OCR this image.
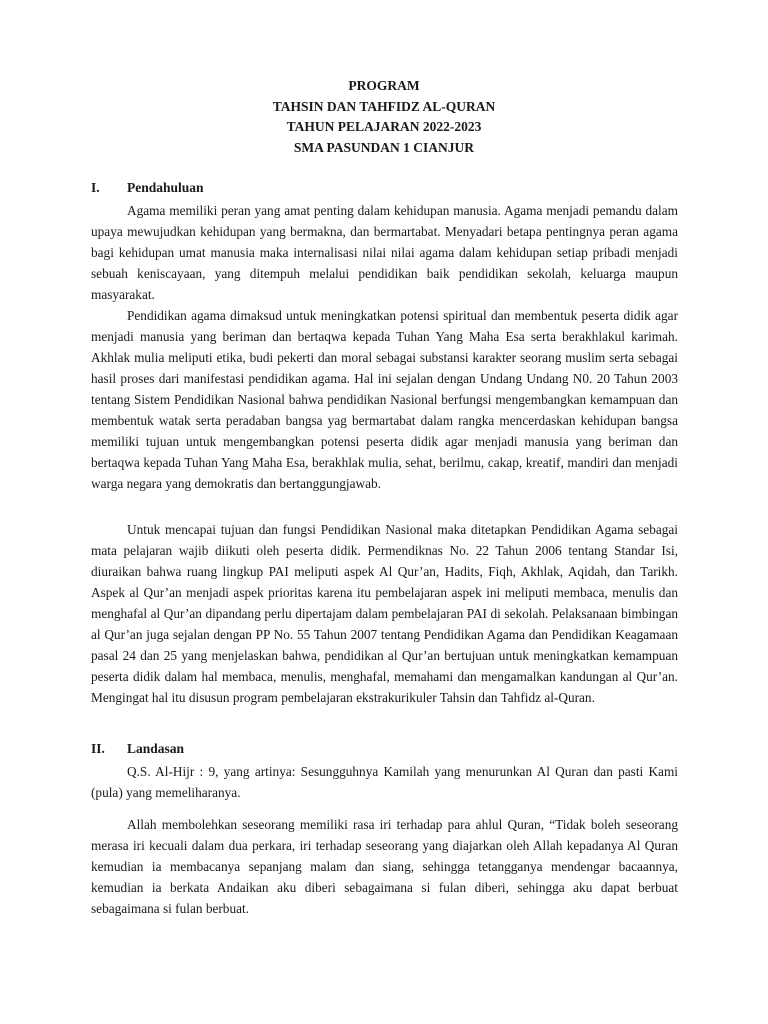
PROGRAM
TAHSIN DAN TAHFIDZ AL-QURAN
TAHUN PELAJARAN 2022-2023
SMA PASUNDAN 1 CIANJUR
I. Pendahuluan

Agama memiliki peran yang amat penting dalam kehidupan manusia. Agama menjadi pemandu dalam upaya mewujudkan kehidupan yang bermakna, dan bermartabat. Menyadari betapa pentingnya peran agama bagi kehidupan umat manusia maka internalisasi nilai nilai agama dalam kehidupan setiap pribadi menjadi sebuah keniscayaan, yang ditempuh melalui pendidikan baik pendidikan sekolah, keluarga maupun masyarakat.

Pendidikan agama dimaksud untuk meningkatkan potensi spiritual dan membentuk peserta didik agar menjadi manusia yang beriman dan bertaqwa kepada Tuhan Yang Maha Esa serta berakhlakul karimah. Akhlak mulia meliputi etika, budi pekerti dan moral sebagai substansi karakter seorang muslim serta sebagai hasil proses dari manifestasi pendidikan agama. Hal ini sejalan dengan Undang Undang N0. 20 Tahun 2003 tentang Sistem Pendidikan Nasional bahwa pendidikan Nasional berfungsi mengembangkan kemampuan dan membentuk watak serta peradaban bangsa yag bermartabat dalam rangka mencerdaskan kehidupan bangsa memiliki tujuan untuk mengembangkan potensi peserta didik agar menjadi manusia yang beriman dan bertaqwa kepada Tuhan Yang Maha Esa, berakhlak mulia, sehat, berilmu, cakap, kreatif, mandiri dan menjadi warga negara yang demokratis dan bertanggungjawab.

Untuk mencapai tujuan dan fungsi Pendidikan Nasional maka ditetapkan Pendidikan Agama sebagai mata pelajaran wajib diikuti oleh peserta didik. Permendiknas No. 22 Tahun 2006 tentang Standar Isi, diuraikan bahwa ruang lingkup PAI meliputi aspek Al Qur’an, Hadits, Fiqh, Akhlak, Aqidah, dan Tarikh. Aspek al Qur’an menjadi aspek prioritas karena itu pembelajaran aspek ini meliputi membaca, menulis dan menghafal al Qur’an dipandang perlu dipertajam dalam pembelajaran PAI di sekolah. Pelaksanaan bimbingan al Qur’an juga sejalan dengan PP No. 55 Tahun 2007 tentang Pendidikan Agama dan Pendidikan Keagamaan pasal 24 dan 25 yang menjelaskan bahwa, pendidikan al Qur’an bertujuan untuk meningkatkan kemampuan peserta didik dalam hal membaca, menulis, menghafal, memahami dan mengamalkan kandungan al Qur’an. Mengingat hal itu disusun program pembelajaran ekstrakurikuler Tahsin dan Tahfidz al-Quran.

II. Landasan

Q.S. Al-Hijr : 9, yang artinya: Sesungguhnya Kamilah yang menurunkan Al Quran dan pasti Kami (pula) yang memeliharanya.

Allah membolehkan seseorang memiliki rasa iri terhadap para ahlul Quran, “Tidak boleh seseorang merasa iri kecuali dalam dua perkara, iri terhadap seseorang yang diajarkan oleh Allah kepadanya Al Quran kemudian ia membacanya sepanjang malam dan siang, sehingga tetangganya mendengar bacaannya, kemudian ia berkata Andaikan aku diberi sebagaimana si fulan diberi, sehingga aku dapat berbuat sebagaimana si fulan berbuat.
